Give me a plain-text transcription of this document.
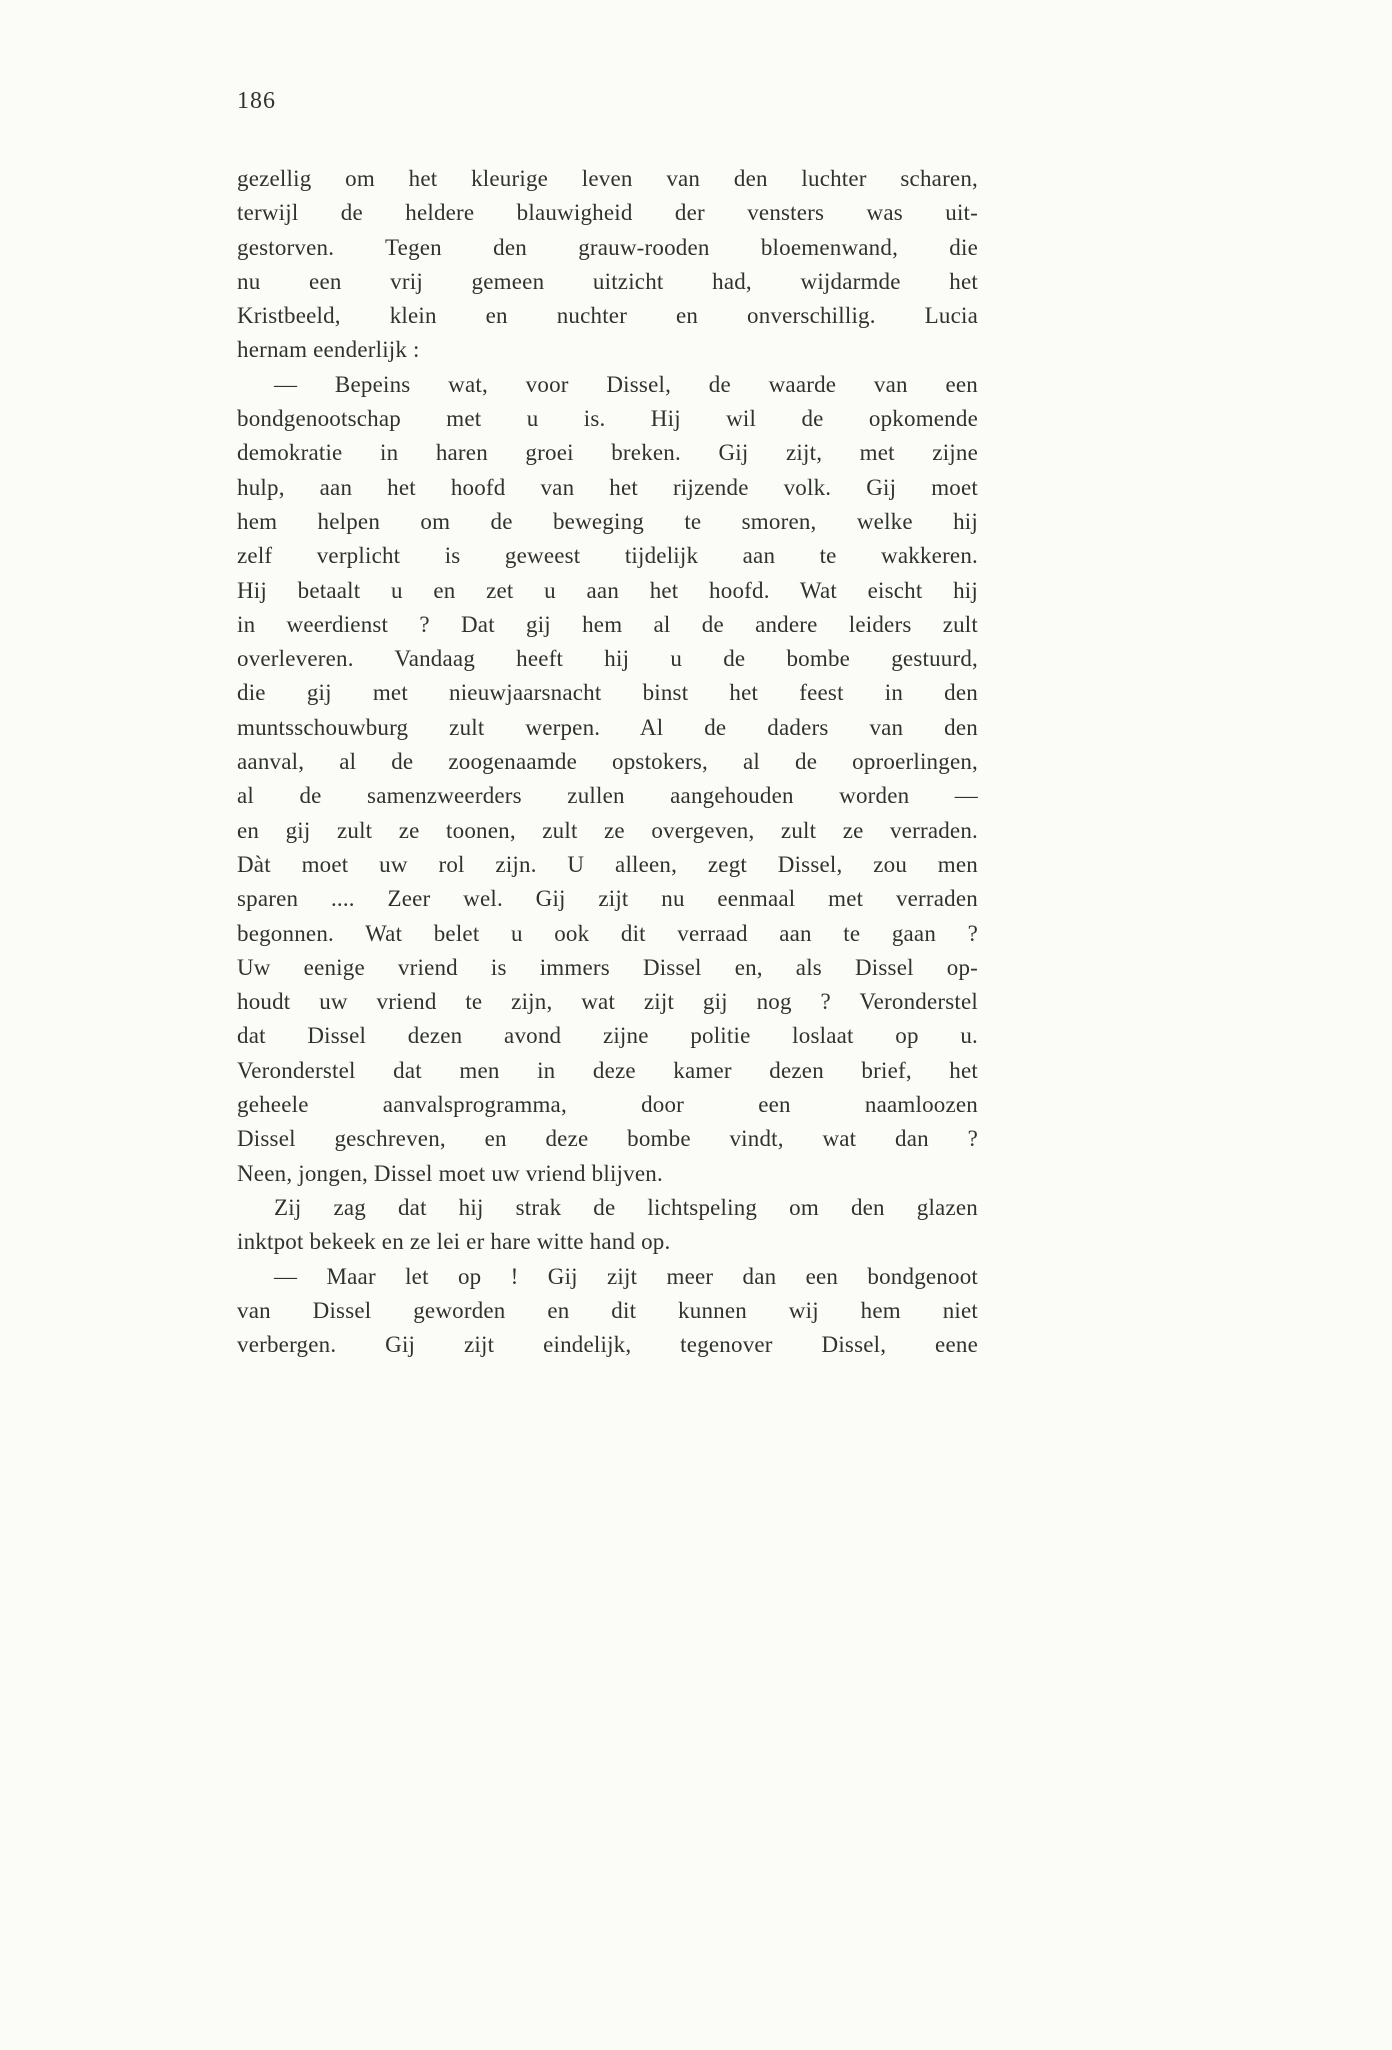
186
gezellig om het kleurige leven van den luchter scharen,
terwijl de heldere blauwigheid der vensters was uit-
gestorven. Tegen den grauw-rooden bloemenwand, die
nu een vrij gemeen uitzicht had, wijdarmde het
Kristbeeld, klein en nuchter en onverschillig. Lucia
hernam eenderlijk :
— Bepeins wat, voor Dissel, de waarde van een
bondgenootschap met u is. Hij wil de opkomende
demokratie in haren groei breken. Gij zijt, met zijne
hulp, aan het hoofd van het rijzende volk. Gij moet
hem helpen om de beweging te smoren, welke hij
zelf verplicht is geweest tijdelijk aan te wakkeren.
Hij betaalt u en zet u aan het hoofd. Wat eischt hij
in weerdienst ? Dat gij hem al de andere leiders zult
overleveren. Vandaag heeft hij u de bombe gestuurd,
die gij met nieuwjaarsnacht binst het feest in den
muntsschouwburg zult werpen. Al de daders van den
aanval, al de zoogenaamde opstokers, al de oproerlingen,
al de samenzweerders zullen aangehouden worden —
en gij zult ze toonen, zult ze overgeven, zult ze verraden.
Dàt moet uw rol zijn. U alleen, zegt Dissel, zou men
sparen .... Zeer wel. Gij zijt nu eenmaal met verraden
begonnen. Wat belet u ook dit verraad aan te gaan ?
Uw eenige vriend is immers Dissel en, als Dissel op-
houdt uw vriend te zijn, wat zijt gij nog ? Veronderstel
dat Dissel dezen avond zijne politie loslaat op u.
Veronderstel dat men in deze kamer dezen brief, het
geheele aanvalsprogramma, door een naamloozen
Dissel geschreven, en deze bombe vindt, wat dan ?
Neen, jongen, Dissel moet uw vriend blijven.
Zij zag dat hij strak de lichtspeling om den glazen
inktpot bekeek en ze lei er hare witte hand op.
— Maar let op ! Gij zijt meer dan een bondgenoot
van Dissel geworden en dit kunnen wij hem niet
verbergen. Gij zijt eindelijk, tegenover Dissel, eene
